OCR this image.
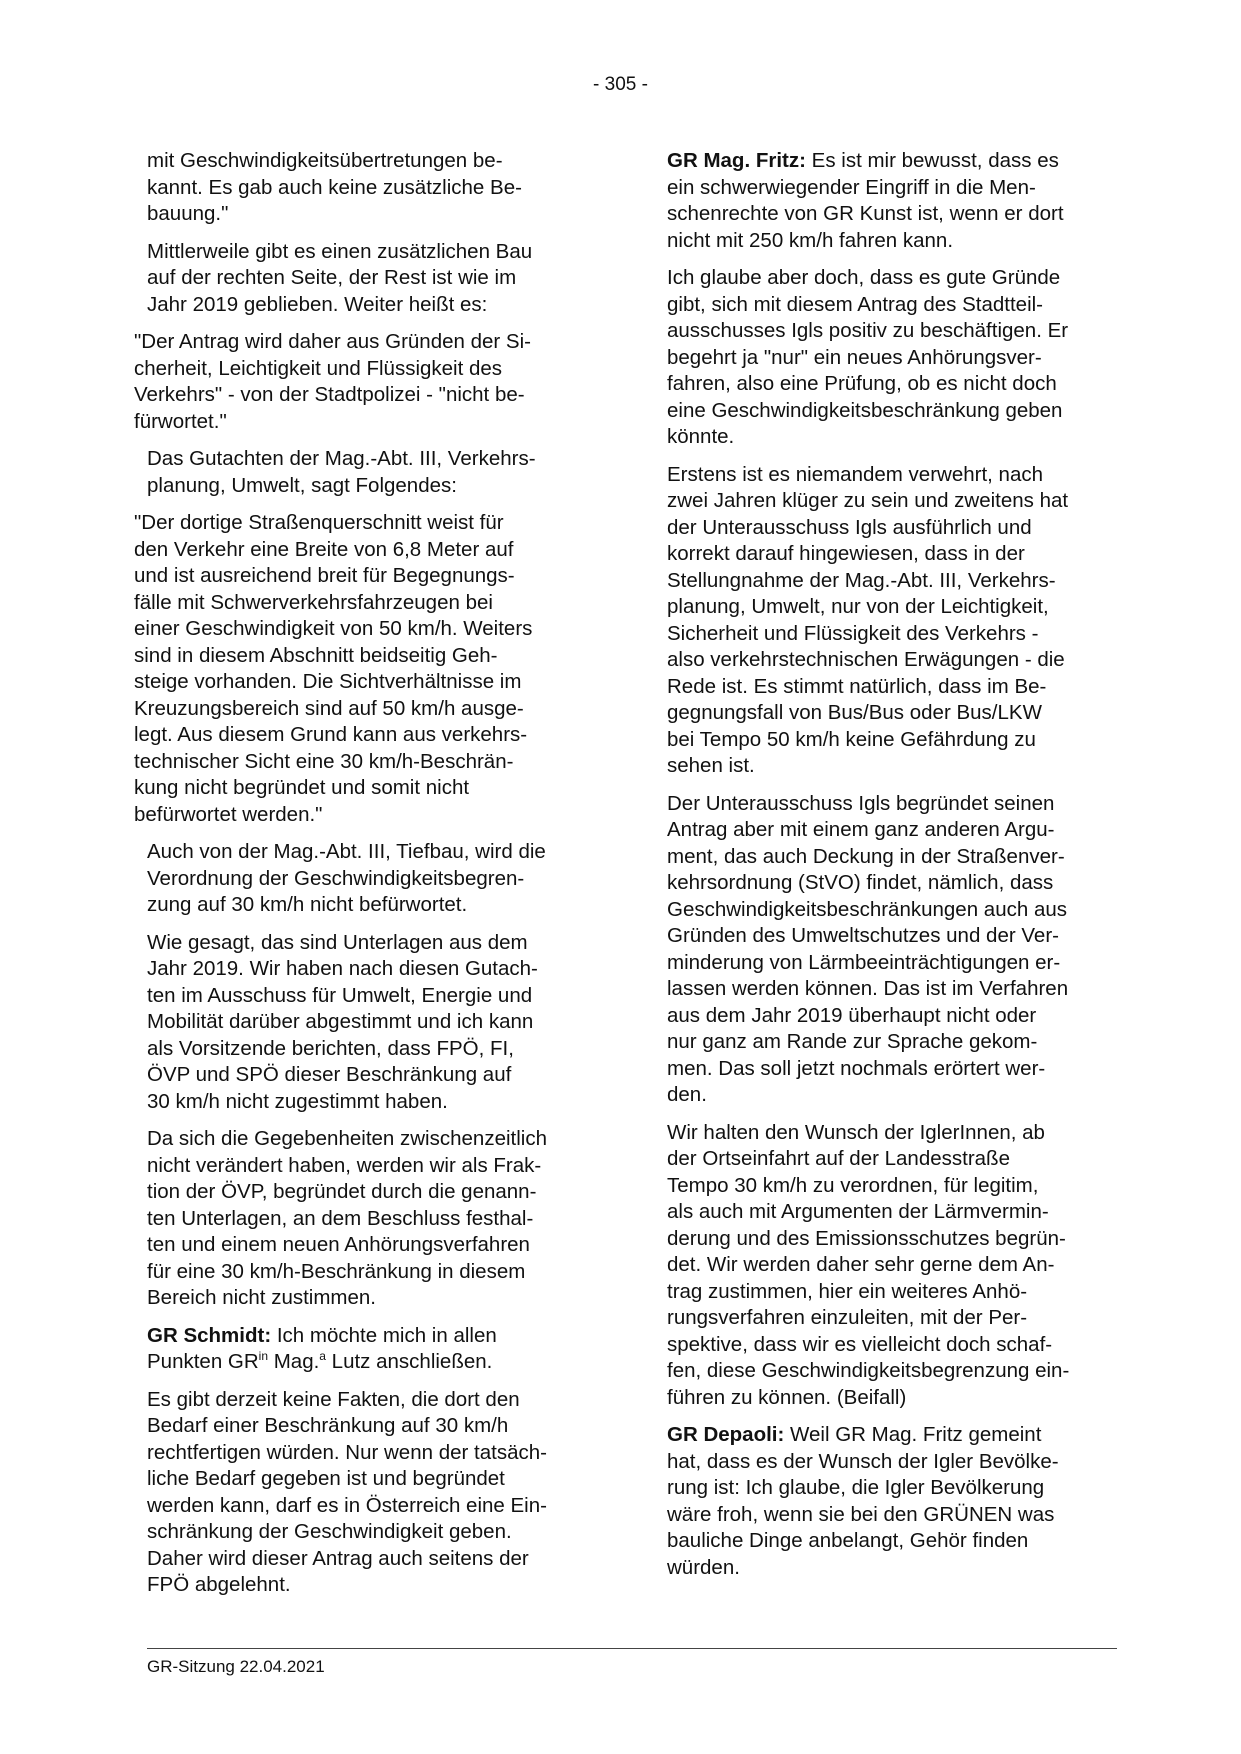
- 305 -

mit Geschwindigkeitsübertretungen be-
kannt. Es gab auch keine zusätzliche Be-
bauung."

Mittlerweile gibt es einen zusätzlichen Bau
auf der rechten Seite, der Rest ist wie im
Jahr 2019 geblieben. Weiter heißt es:

"Der Antrag wird daher aus Gründen der Si-
cherheit, Leichtigkeit und Flüssigkeit des
Verkehrs" - von der Stadtpolizei - "nicht be-
fürwortet."

Das Gutachten der Mag.-Abt. III, Verkehrs-
planung, Umwelt, sagt Folgendes:

"Der dortige Straßenquerschnitt weist für
den Verkehr eine Breite von 6,8 Meter auf
und ist ausreichend breit für Begegnungs-
fälle mit Schwerverkehrsfahrzeugen bei
einer Geschwindigkeit von 50 km/h. Weiters
sind in diesem Abschnitt beidseitig Geh-
steige vorhanden. Die Sichtverhältnisse im
Kreuzungsbereich sind auf 50 km/h ausge-
legt. Aus diesem Grund kann aus verkehrs-
technischer Sicht eine 30 km/h-Beschrän-
kung nicht begründet und somit nicht
befürwortet werden."

Auch von der Mag.-Abt. III, Tiefbau, wird die
Verordnung der Geschwindigkeitsbegren-
zung auf 30 km/h nicht befürwortet.

Wie gesagt, das sind Unterlagen aus dem
Jahr 2019. Wir haben nach diesen Gutach-
ten im Ausschuss für Umwelt, Energie und
Mobilität darüber abgestimmt und ich kann
als Vorsitzende berichten, dass FPÖ, FI,
ÖVP und SPÖ dieser Beschränkung auf
30 km/h nicht zugestimmt haben.

Da sich die Gegebenheiten zwischenzeitlich
nicht verändert haben, werden wir als Frak-
tion der ÖVP, begründet durch die genann-
ten Unterlagen, an dem Beschluss festhal-
ten und einem neuen Anhörungsverfahren
für eine 30 km/h-Beschränkung in diesem
Bereich nicht zustimmen.

GR Schmidt: Ich möchte mich in allen
Punkten $GR^{in}$ Mag.$^a$ Lutz anschließen.

Es gibt derzeit keine Fakten, die dort den
Bedarf einer Beschränkung auf 30 km/h
rechtfertigen würden. Nur wenn der tatsäch-
liche Bedarf gegeben ist und begründet
werden kann, darf es in Österreich eine Ein-
schränkung der Geschwindigkeit geben.
Daher wird dieser Antrag auch seitens der
FPÖ abgelehnt.

GR Mag. Fritz: Es ist mir bewusst, dass es
ein schwerwiegender Eingriff in die Men-
schenrechte von GR Kunst ist, wenn er dort
nicht mit 250 km/h fahren kann.

Ich glaube aber doch, dass es gute Gründe
gibt, sich mit diesem Antrag des Stadtteil-
ausschusses Igls positiv zu beschäftigen. Er
begehrt ja "nur" ein neues Anhörungsver-
fahren, also eine Prüfung, ob es nicht doch
eine Geschwindigkeitsbeschränkung geben
könnte.

Erstens ist es niemandem verwehrt, nach
zwei Jahren klüger zu sein und zweitens hat
der Unterausschuss Igls ausführlich und
korrekt darauf hingewiesen, dass in der
Stellungnahme der Mag.-Abt. III, Verkehrs-
planung, Umwelt, nur von der Leichtigkeit,
Sicherheit und Flüssigkeit des Verkehrs -
also verkehrstechnischen Erwägungen - die
Rede ist. Es stimmt natürlich, dass im Be-
gegnungsfall von Bus/Bus oder Bus/LKW
bei Tempo 50 km/h keine Gefährdung zu
sehen ist.

Der Unterausschuss Igls begründet seinen
Antrag aber mit einem ganz anderen Argu-
ment, das auch Deckung in der Straßenver-
kehrsordnung (StVO) findet, nämlich, dass
Geschwindigkeitsbeschränkungen auch aus
Gründen des Umweltschutzes und der Ver-
minderung von Lärmbeeinträchtigungen er-
lassen werden können. Das ist im Verfahren
aus dem Jahr 2019 überhaupt nicht oder
nur ganz am Rande zur Sprache gekom-
men. Das soll jetzt nochmals erörtert wer-
den.

Wir halten den Wunsch der IglerInnen, ab
der Ortseinfahrt auf der Landesstraße
Tempo 30 km/h zu verordnen, für legitim,
als auch mit Argumenten der Lärmvermin-
derung und des Emissionsschutzes begrün-
det. Wir werden daher sehr gerne dem An-
trag zustimmen, hier ein weiteres Anhö-
rungsverfahren einzuleiten, mit der Per-
spektive, dass wir es vielleicht doch schaf-
fen, diese Geschwindigkeitsbegrenzung ein-
führen zu können. (Beifall)

GR Depaoli: Weil GR Mag. Fritz gemeint
hat, dass es der Wunsch der Igler Bevölke-
rung ist: Ich glaube, die Igler Bevölkerung
wäre froh, wenn sie bei den GRÜNEN was
bauliche Dinge anbelangt, Gehör finden
würden.

GR-Sitzung 22.04.2021
